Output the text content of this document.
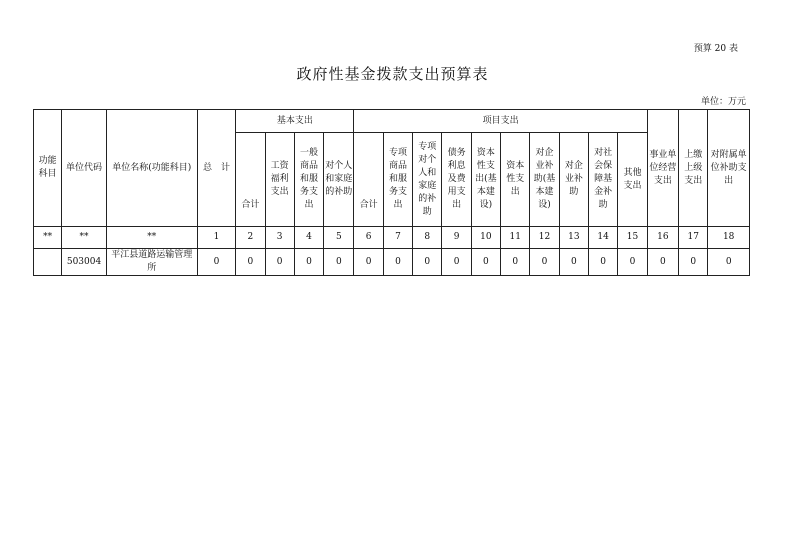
预算 20 表
政府性基金拨款支出预算表
单位：万元
功能科目	单位代码	单位名称(功能科目)	总　计	基本支出				项目支出										事业单位经营支出	上缴上级支出	对附属单位补助支出
				合计	工资福利支出	一般商品和服务支出	对个人和家庭的补助	合计	专项商品和服务支出	专项对个人和家庭的补助	债务利息及费用支出	资本性支出(基本建设)	资本性支出	对企业补助(基本建设)	对企业补助	对社会保障基金补助	其他支出			
**	**	**	1	2	3	4	5	6	7	8	9	10	11	12	13	14	15	16	17	18
	503004	平江县道路运输管理所	0	0	0	0	0	0	0	0	0	0	0	0	0	0	0	0	0	0
